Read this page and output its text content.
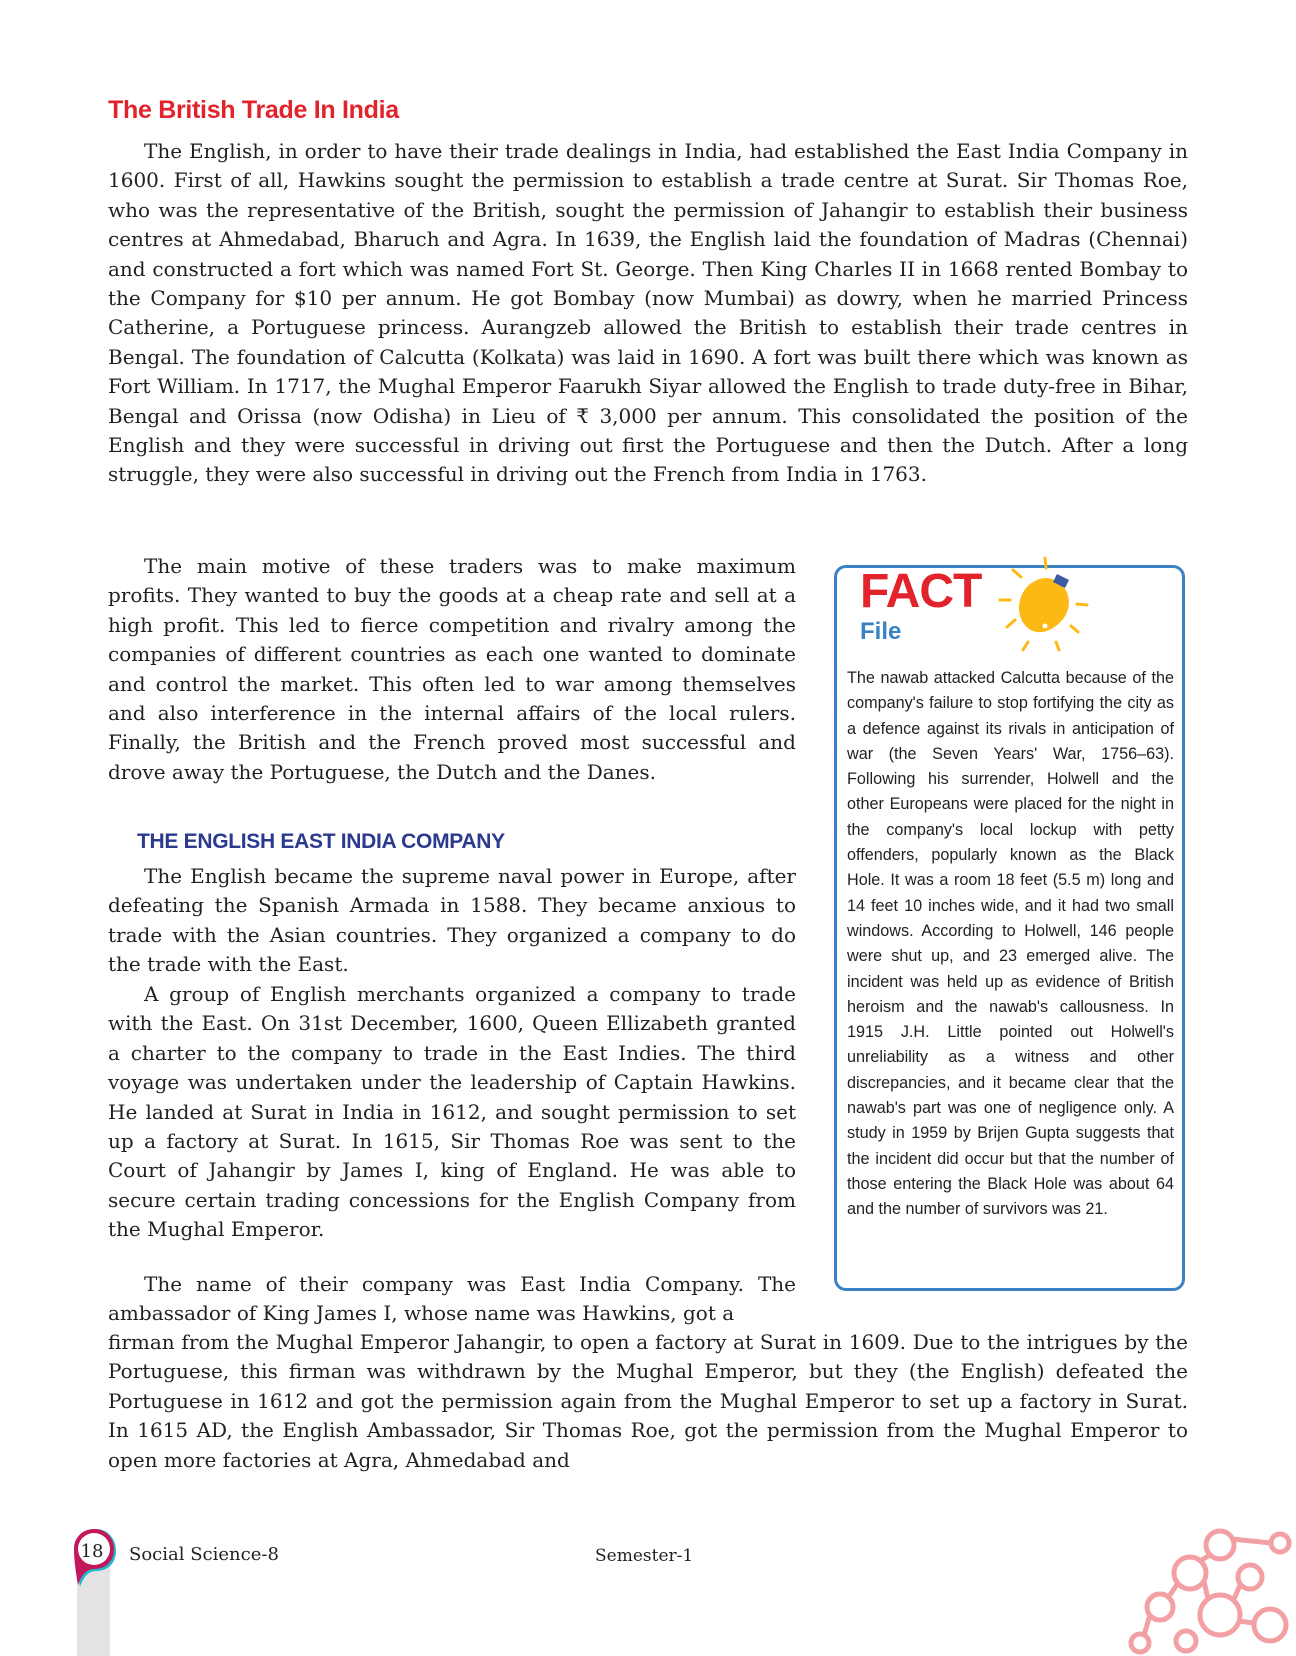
The British Trade In India

The English, in order to have their trade dealings in India, had established the East India Company in 1600. First of all, Hawkins sought the permission to establish a trade centre at Surat. Sir Thomas Roe, who was the representative of the British, sought the permission of Jahangir to establish their business centres at Ahmedabad, Bharuch and Agra. In 1639, the English laid the foundation of Madras (Chennai) and constructed a fort which was named Fort St. George. Then King Charles II in 1668 rented Bombay to the Company for $10 per annum. He got Bombay (now Mumbai) as dowry, when he married Princess Catherine, a Portuguese princess. Aurangzeb allowed the British to establish their trade centres in Bengal. The foundation of Calcutta (Kolkata) was laid in 1690. A fort was built there which was known as Fort William. In 1717, the Mughal Emperor Faarukh Siyar allowed the English to trade duty-free in Bihar, Bengal and Orissa (now Odisha) in Lieu of ₹ 3,000 per annum. This consolidated the position of the English and they were successful in driving out first the Portuguese and then the Dutch. After a long struggle, they were also successful in driving out the French from India in 1763.

The main motive of these traders was to make maximum profits. They wanted to buy the goods at a cheap rate and sell at a high profit. This led to fierce competition and rivalry among the companies of different countries as each one wanted to dominate and control the market. This often led to war among themselves and also interference in the internal affairs of the local rulers. Finally, the British and the French proved most successful and drove away the Portuguese, the Dutch and the Danes.

THE ENGLISH EAST INDIA COMPANY

The English became the supreme naval power in Europe, after defeating the Spanish Armada in 1588. They became anxious to trade with the Asian countries. They organized a company to do the trade with the East.

A group of English merchants organized a company to trade with the East. On 31st December, 1600, Queen Ellizabeth granted a charter to the company to trade in the East Indies. The third voyage was undertaken under the leadership of Captain Hawkins. He landed at Surat in India in 1612, and sought permission to set up a factory at Surat. In 1615, Sir Thomas Roe was sent to the Court of Jahangir by James I, king of England. He was able to secure certain trading concessions for the English Company from the Mughal Emperor.

The name of their company was East India Company. The ambassador of King James I, whose name was Hawkins, got a

firman from the Mughal Emperor Jahangir, to open a factory at Surat in 1609. Due to the intrigues by the Portuguese, this firman was withdrawn by the Mughal Emperor, but they (the English) defeated the Portuguese in 1612 and got the permission again from the Mughal Emperor to set up a factory in Surat. In 1615 AD, the English Ambassador, Sir Thomas Roe, got the permission from the Mughal Emperor to open more factories at Agra, Ahmedabad and

FACT
File

The nawab attacked Calcutta because of the company's failure to stop fortifying the city as a defence against its rivals in anticipation of war (the Seven Years' War, 1756–63). Following his surrender, Holwell and the other Europeans were placed for the night in the company's local lockup with petty offenders, popularly known as the Black Hole. It was a room 18 feet (5.5 m) long and 14 feet 10 inches wide, and it had two small windows. According to Holwell, 146 people were shut up, and 23 emerged alive. The incident was held up as evidence of British heroism and the nawab's callousness. In 1915 J.H. Little pointed out Holwell's unreliability as a witness and other discrepancies, and it became clear that the nawab's part was one of negligence only. A study in 1959 by Brijen Gupta suggests that the incident did occur but that the number of those entering the Black Hole was about 64 and the number of survivors was 21.

18	Social Science-8	Semester-1
